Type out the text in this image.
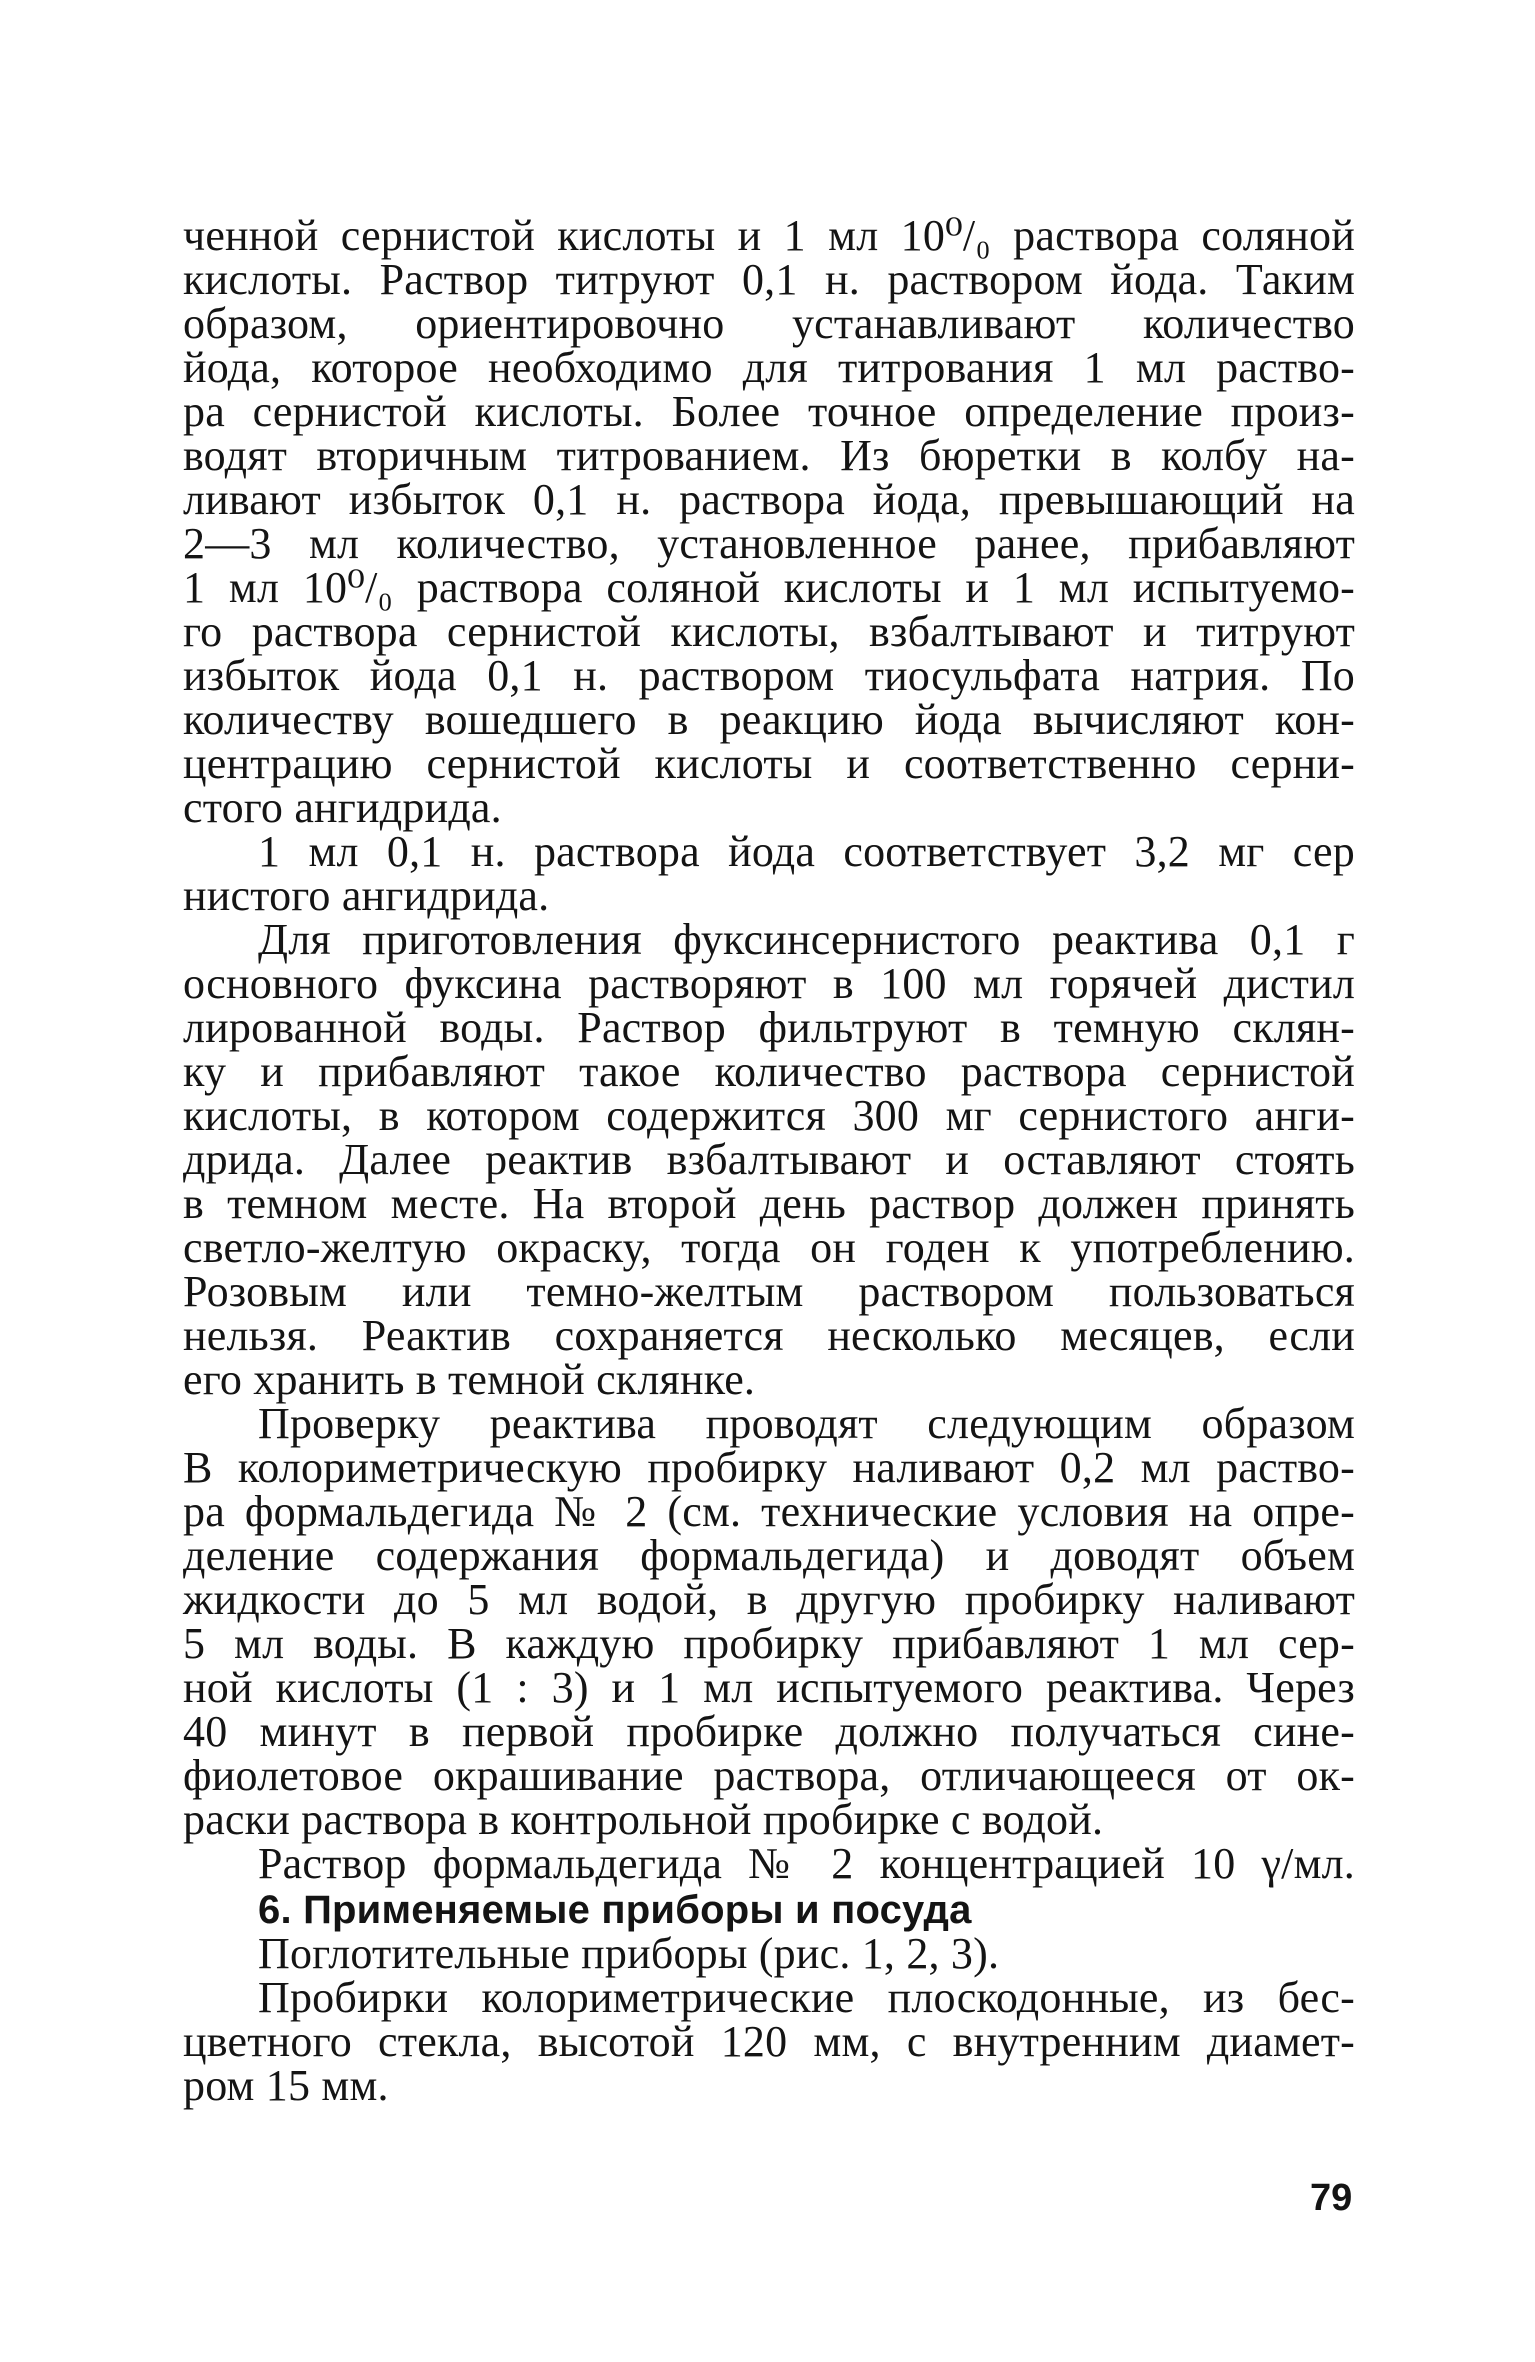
ченной сернистой кислоты и 1 мл 10⁰/₀ раствора соляной
кислоты. Раствор титруют 0,1 н. раствором йода. Таким
образом, ориентировочно устанавливают количество
йода, которое необходимо для титрования 1 мл раство-
ра сернистой кислоты. Более точное определение произ-
водят вторичным титрованием. Из бюретки в колбу на-
ливают избыток 0,1 н. раствора йода, превышающий на
2—3 мл количество, установленное ранее, прибавляют
1 мл 10⁰/₀ раствора соляной кислоты и 1 мл испытуемо-
го раствора сернистой кислоты, взбалтывают и титруют
избыток йода 0,1 н. раствором тиосульфата натрия. По
количеству вошедшего в реакцию йода вычисляют кон-
центрацию сернистой кислоты и соответственно серни-
стого ангидрида.
1 мл 0,1 н. раствора йода соответствует 3,2 мг сер
нистого ангидрида.
Для приготовления фуксинсернистого реактива 0,1 г
основного фуксина растворяют в 100 мл горячей дистил
лированной воды. Раствор фильтруют в темную склян-
ку и прибавляют такое количество раствора сернистой
кислоты, в котором содержится 300 мг сернистого анги-
дрида. Далее реактив взбалтывают и оставляют стоять
в темном месте. На второй день раствор должен принять
светло-желтую окраску, тогда он годен к употреблению.
Розовым или темно-желтым раствором пользоваться
нельзя. Реактив сохраняется несколько месяцев, если
его хранить в темной склянке.
Проверку реактива проводят следующим образом
В колориметрическую пробирку наливают 0,2 мл раство-
ра формальдегида № 2 (см. технические условия на опре-
деление содержания формальдегида) и доводят объем
жидкости до 5 мл водой, в другую пробирку наливают
5 мл воды. В каждую пробирку прибавляют 1 мл сер-
ной кислоты (1 : 3) и 1 мл испытуемого реактива. Через
40 минут в первой пробирке должно получаться сине-
фиолетовое окрашивание раствора, отличающееся от ок-
раски раствора в контрольной пробирке с водой.
Раствор формальдегида № 2 концентрацией 10 γ/мл.
6. Применяемые приборы и посуда
Поглотительные приборы (рис. 1, 2, 3).
Пробирки колориметрические плоскодонные, из бес-
цветного стекла, высотой 120 мм, с внутренним диамет-
ром 15 мм.
79
